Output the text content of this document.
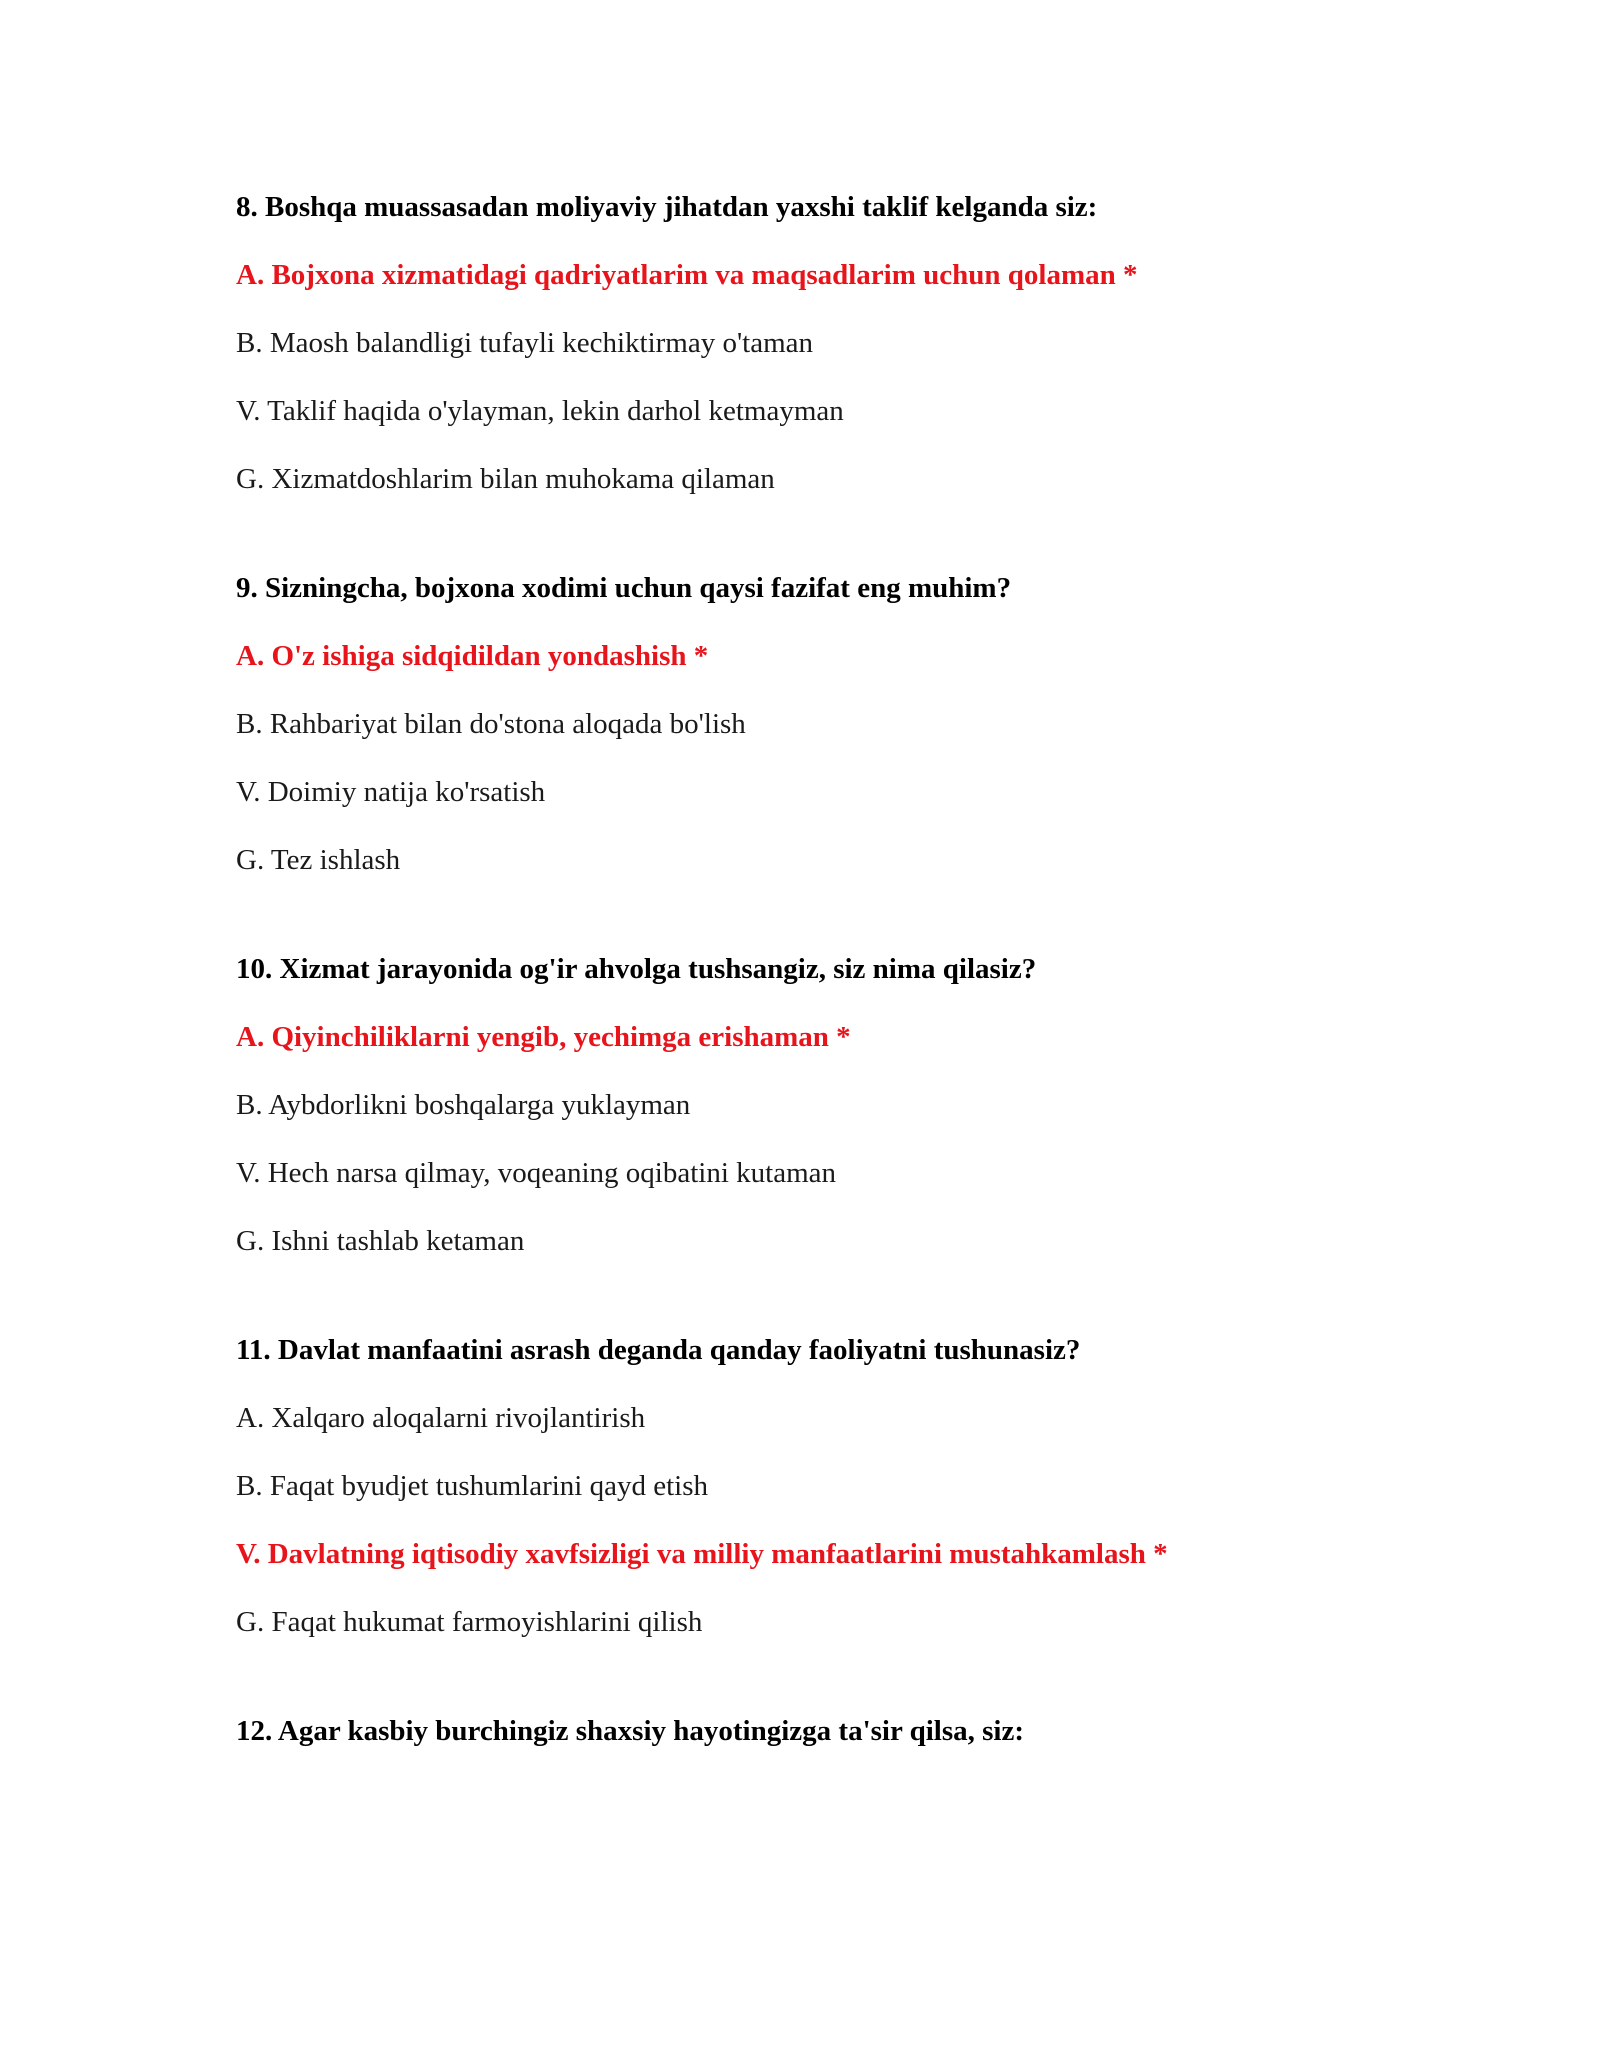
8. Boshqa muassasadan moliyaviy jihatdan yaxshi taklif kelganda siz:
A. Bojxona xizmatidagi qadriyatlarim va maqsadlarim uchun qolaman *
B. Maosh balandligi tufayli kechiktirmay o'taman
V. Taklif haqida o'ylayman, lekin darhol ketmayman
G. Xizmatdoshlarim bilan muhokama qilaman
9. Sizningcha, bojxona xodimi uchun qaysi fazifat eng muhim?
A. O'z ishiga sidqidildan yondashish *
B. Rahbariyat bilan do'stona aloqada bo'lish
V. Doimiy natija ko'rsatish
G. Tez ishlash
10. Xizmat jarayonida og'ir ahvolga tushsangiz, siz nima qilasiz?
A. Qiyinchiliklarni yengib, yechimga erishaman *
B. Aybdorlikni boshqalarga yuklayman
V. Hech narsa qilmay, voqeaning oqibatini kutaman
G. Ishni tashlab ketaman
11. Davlat manfaatini asrash deganda qanday faoliyatni tushunasiz?
A. Xalqaro aloqalarni rivojlantirish
B. Faqat byudjet tushumlarini qayd etish
V. Davlatning iqtisodiy xavfsizligi va milliy manfaatlarini mustahkamlash *
G. Faqat hukumat farmoyishlarini qilish
12. Agar kasbiy burchingiz shaxsiy hayotingizga ta'sir qilsa, siz:
